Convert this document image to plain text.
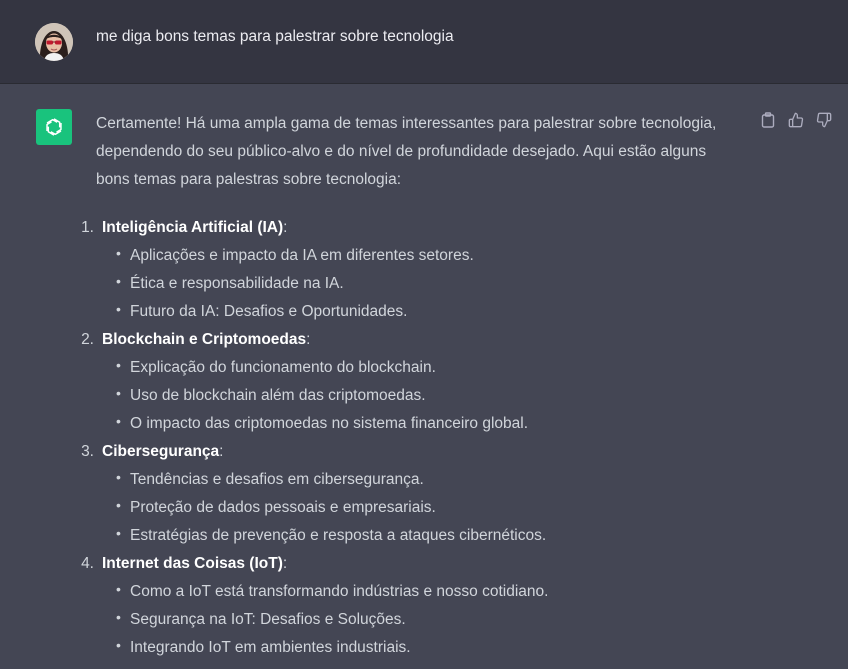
me diga bons temas para palestrar sobre tecnologia

Certamente! Há uma ampla gama de temas interessantes para palestrar sobre tecnologia, dependendo do seu público-alvo e do nível de profundidade desejado. Aqui estão alguns bons temas para palestras sobre tecnologia:

1. Inteligência Artificial (IA):
• Aplicações e impacto da IA em diferentes setores.
• Ética e responsabilidade na IA.
• Futuro da IA: Desafios e Oportunidades.
2. Blockchain e Criptomoedas:
• Explicação do funcionamento do blockchain.
• Uso de blockchain além das criptomoedas.
• O impacto das criptomoedas no sistema financeiro global.
3. Cibersegurança:
• Tendências e desafios em cibersegurança.
• Proteção de dados pessoais e empresariais.
• Estratégias de prevenção e resposta a ataques cibernéticos.
4. Internet das Coisas (IoT):
• Como a IoT está transformando indústrias e nosso cotidiano.
• Segurança na IoT: Desafios e Soluções.
• Integrando IoT em ambientes industriais.
